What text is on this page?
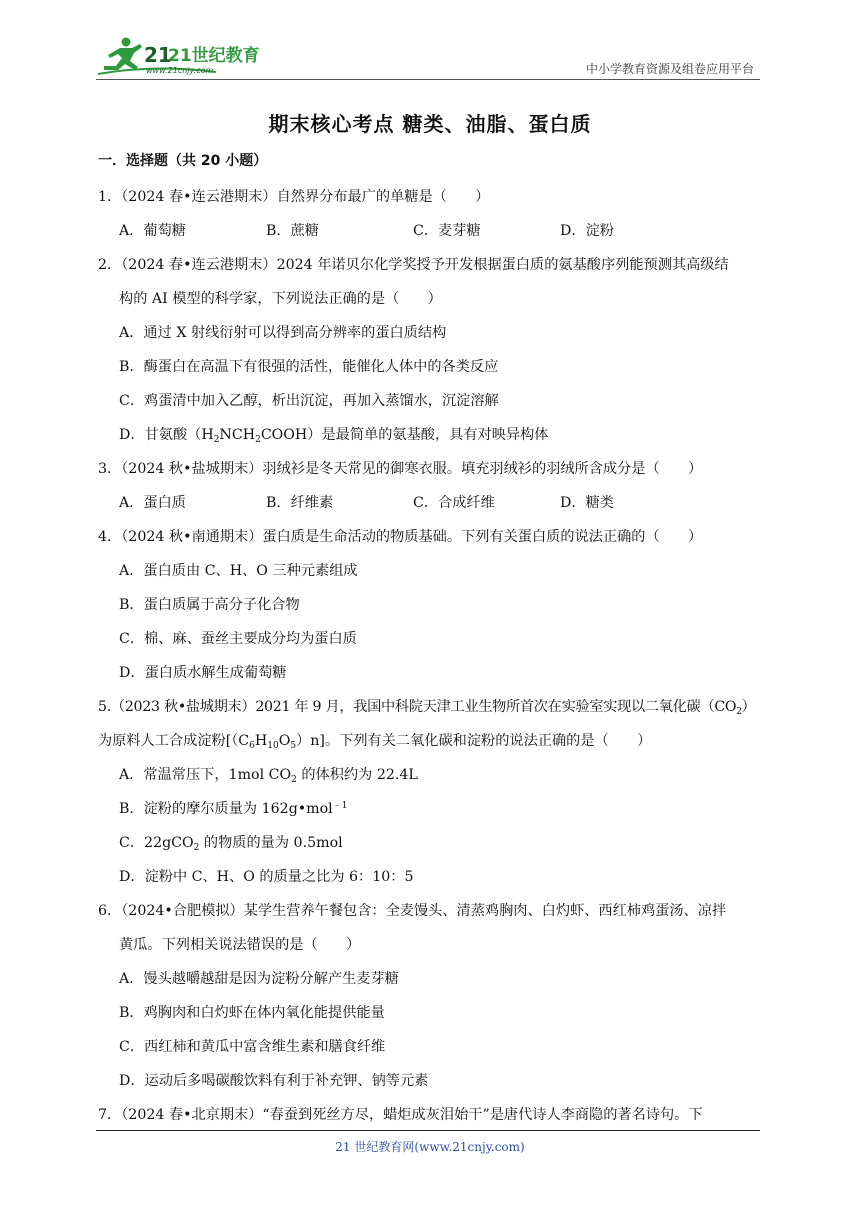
21
21世纪教育
www.21cnjy.com	中小学教育资源及组卷应用平台
期末核心考点 糖类、油脂、蛋白质
一．选择题（共 20 小题）
1．（2024 春•连云港期末）自然界分布最广的单糖是（　　）
A．葡萄糖	B．蔗糖	C．麦芽糖	D．淀粉
2．（2024 春•连云港期末）2024 年诺贝尔化学奖授予开发根据蛋白质的氨基酸序列能预测其高级结
构的 AI 模型的科学家，下列说法正确的是（　　）
A．通过 X 射线衍射可以得到高分辨率的蛋白质结构
B．酶蛋白在高温下有很强的活性，能催化人体中的各类反应
C．鸡蛋清中加入乙醇，析出沉淀，再加入蒸馏水，沉淀溶解
D．甘氨酸$(H_2NCH_2COOH)$是最简单的氨基酸，具有对映异构体
3．（2024 秋•盐城期末）羽绒衫是冬天常见的御寒衣服。填充羽绒衫的羽绒所含成分是（　　）
A．蛋白质	B．纤维素	C．合成纤维	D．糖类
4．（2024 秋•南通期末）蛋白质是生命活动的物质基础。下列有关蛋白质的说法正确的（　　）
A．蛋白质由 C、H、O 三种元素组成
B．蛋白质属于高分子化合物
C．棉、麻、蚕丝主要成分均为蛋白质
D．蛋白质水解生成葡萄糖
5.（2023 秋•盐城期末）2021 年 9 月，我国中科院天津工业生物所首次在实验室实现以二氧化碳$(CO_2)$
为原料人工合成淀粉$[(C_6H_{10}O_5)n]$。下列有关二氧化碳和淀粉的说法正确的是（　　）
A．常温常压下，1mol $CO_2$ 的体积约为 22.4L
B．淀粉的摩尔质量为 162g•mol$^{﹣1}$
C．22gCO$_2$ 的物质的量为 0.5mol
D．淀粉中 C、H、O 的质量之比为 6：10：5
6．（2024•合肥模拟）某学生营养午餐包含：全麦馒头、清蒸鸡胸肉、白灼虾、西红柿鸡蛋汤、凉拌
黄瓜。下列相关说法错误的是（　　）
A．馒头越嚼越甜是因为淀粉分解产生麦芽糖
B．鸡胸肉和白灼虾在体内氧化能提供能量
C．西红柿和黄瓜中富含维生素和膳食纤维
D．运动后多喝碳酸饮料有利于补充钾、钠等元素
7．（2024 春•北京期末）“春蚕到死丝方尽，蜡炬成灰泪始干”是唐代诗人李商隐的著名诗句。下
21 世纪教育网(www.21cnjy.com)
